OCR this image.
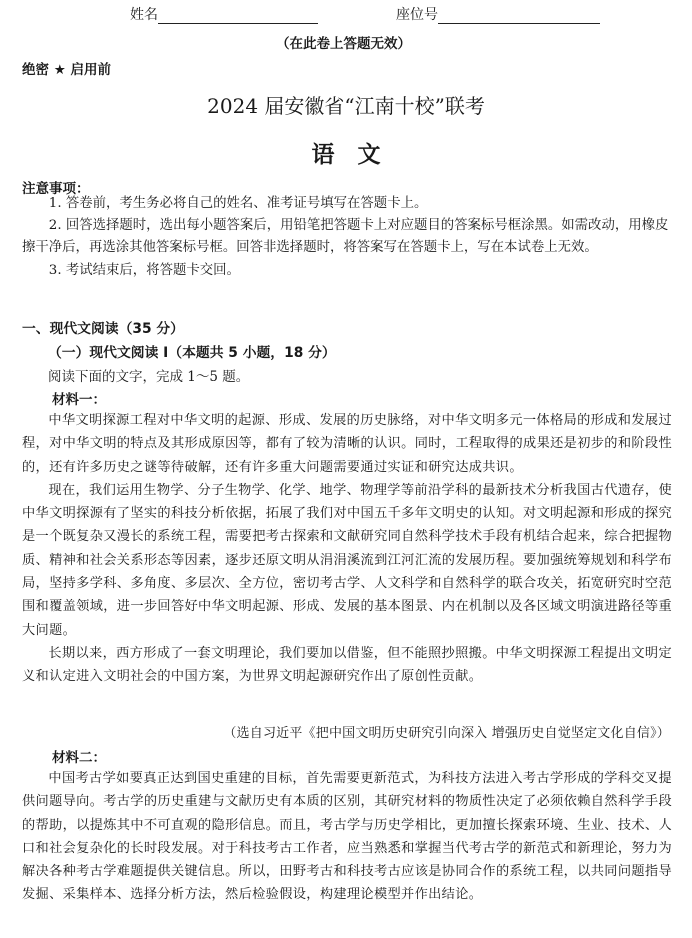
姓名	座位号
（在此卷上答题无效）
绝密 ★ 启用前
2024 届安徽省“江南十校”联考
语　文
注意事项：

1. 答卷前，考生务必将自己的姓名、准考证号填写在答题卡上。

2. 回答选择题时，选出每小题答案后，用铅笔把答题卡上对应题目的答案标号框涂黑。如需改动，用橡皮擦干净后，再选涂其他答案标号框。回答非选择题时，将答案写在答题卡上，写在本试卷上无效。

3. 考试结束后，将答题卡交回。

一、现代文阅读（35 分）
（一）现代文阅读 I（本题共 5 小题，18 分）
阅读下面的文字，完成 1～5 题。
材料一：

中华文明探源工程对中华文明的起源、形成、发展的历史脉络，对中华文明多元一体格局的形成和发展过程，对中华文明的特点及其形成原因等，都有了较为清晰的认识。同时，工程取得的成果还是初步的和阶段性的，还有许多历史之谜等待破解，还有许多重大问题需要通过实证和研究达成共识。

现在，我们运用生物学、分子生物学、化学、地学、物理学等前沿学科的最新技术分析我国古代遗存，使中华文明探源有了坚实的科技分析依据，拓展了我们对中国五千多年文明史的认知。对文明起源和形成的探究是一个既复杂又漫长的系统工程，需要把考古探索和文献研究同自然科学技术手段有机结合起来，综合把握物质、精神和社会关系形态等因素，逐步还原文明从涓涓溪流到江河汇流的发展历程。要加强统筹规划和科学布局，坚持多学科、多角度、多层次、全方位，密切考古学、人文科学和自然科学的联合攻关，拓宽研究时空范围和覆盖领域，进一步回答好中华文明起源、形成、发展的基本图景、内在机制以及各区域文明演进路径等重大问题。

长期以来，西方形成了一套文明理论，我们要加以借鉴，但不能照抄照搬。中华文明探源工程提出文明定义和认定进入文明社会的中国方案，为世界文明起源研究作出了原创性贡献。

（选自习近平《把中国文明历史研究引向深入 增强历史自觉坚定文化自信》）
材料二：

中国考古学如要真正达到国史重建的目标，首先需要更新范式，为科技方法进入考古学形成的学科交叉提供问题导向。考古学的历史重建与文献历史有本质的区别，其研究材料的物质性决定了必须依赖自然科学手段的帮助，以提炼其中不可直观的隐形信息。而且，考古学与历史学相比，更加擅长探索环境、生业、技术、人口和社会复杂化的长时段发展。对于科技考古工作者，应当熟悉和掌握当代考古学的新范式和新理论，努力为解决各种考古学难题提供关键信息。所以，田野考古和科技考古应该是协同合作的系统工程，以共同问题指导发掘、采集样本、选择分析方法，然后检验假设，构建理论模型并作出结论。
